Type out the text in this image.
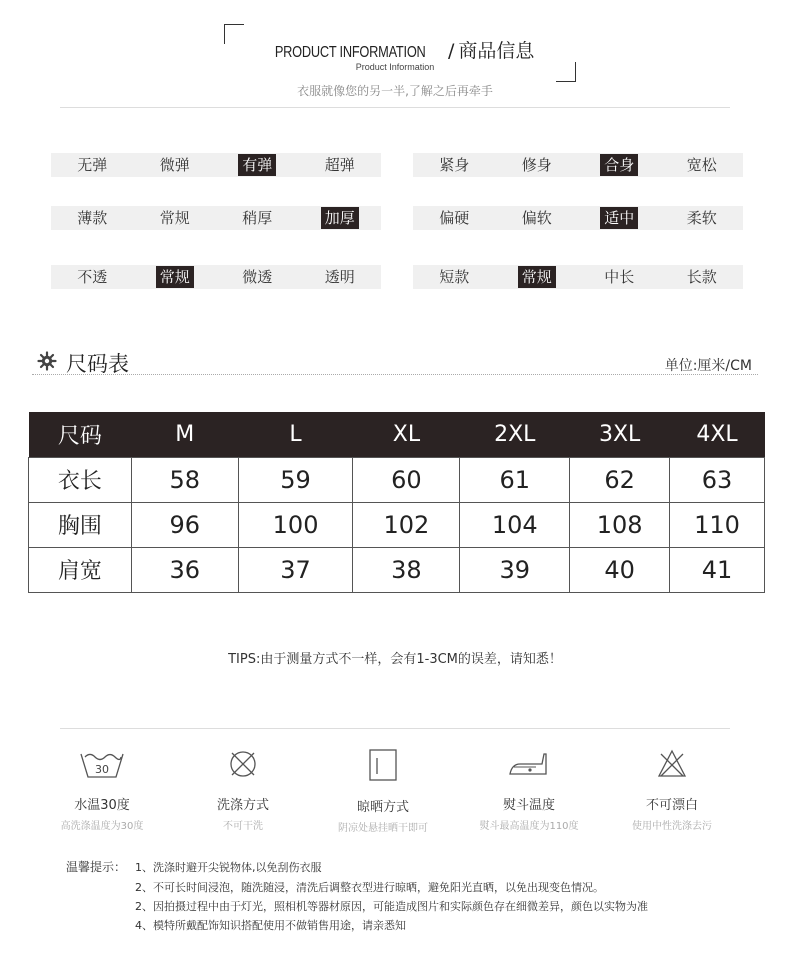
PRODUCT INFORMATION / 商品信息
Product Information
衣服就像您的另一半,了解之后再牵手
无弹	微弹	有弹	超弹	紧身	修身	合身	宽松
薄款	常规	稍厚	加厚	偏硬	偏软	适中	柔软
不透	常规	微透	透明	短款	常规	中长	长款
尺码表	单位:厘米/CM
尺码	M	L	XL	2XL	3XL	4XL
衣长	58	59	60	61	62	63
胸围	96	100	102	104	108	110
肩宽	36	37	38	39	40	41
TIPS:由于测量方式不一样，会有1-3CM的误差，请知悉！
30
水温30度
高洗涤温度为30度
洗涤方式
不可干洗
晾晒方式
阴凉处悬挂晒干即可
熨斗温度
熨斗最高温度为110度
不可漂白
使用中性洗涤去污
温馨提示： 1、洗涤时避开尖锐物体,以免刮伤衣服
2、不可长时间浸泡，随洗随浸，清洗后调整衣型进行晾晒，避免阳光直晒，以免出现变色情况。
2、因拍摄过程中由于灯光，照相机等器材原因，可能造成图片和实际颜色存在细微差异，颜色以实物为准
4、模特所戴配饰知识搭配使用不做销售用途，请亲悉知
